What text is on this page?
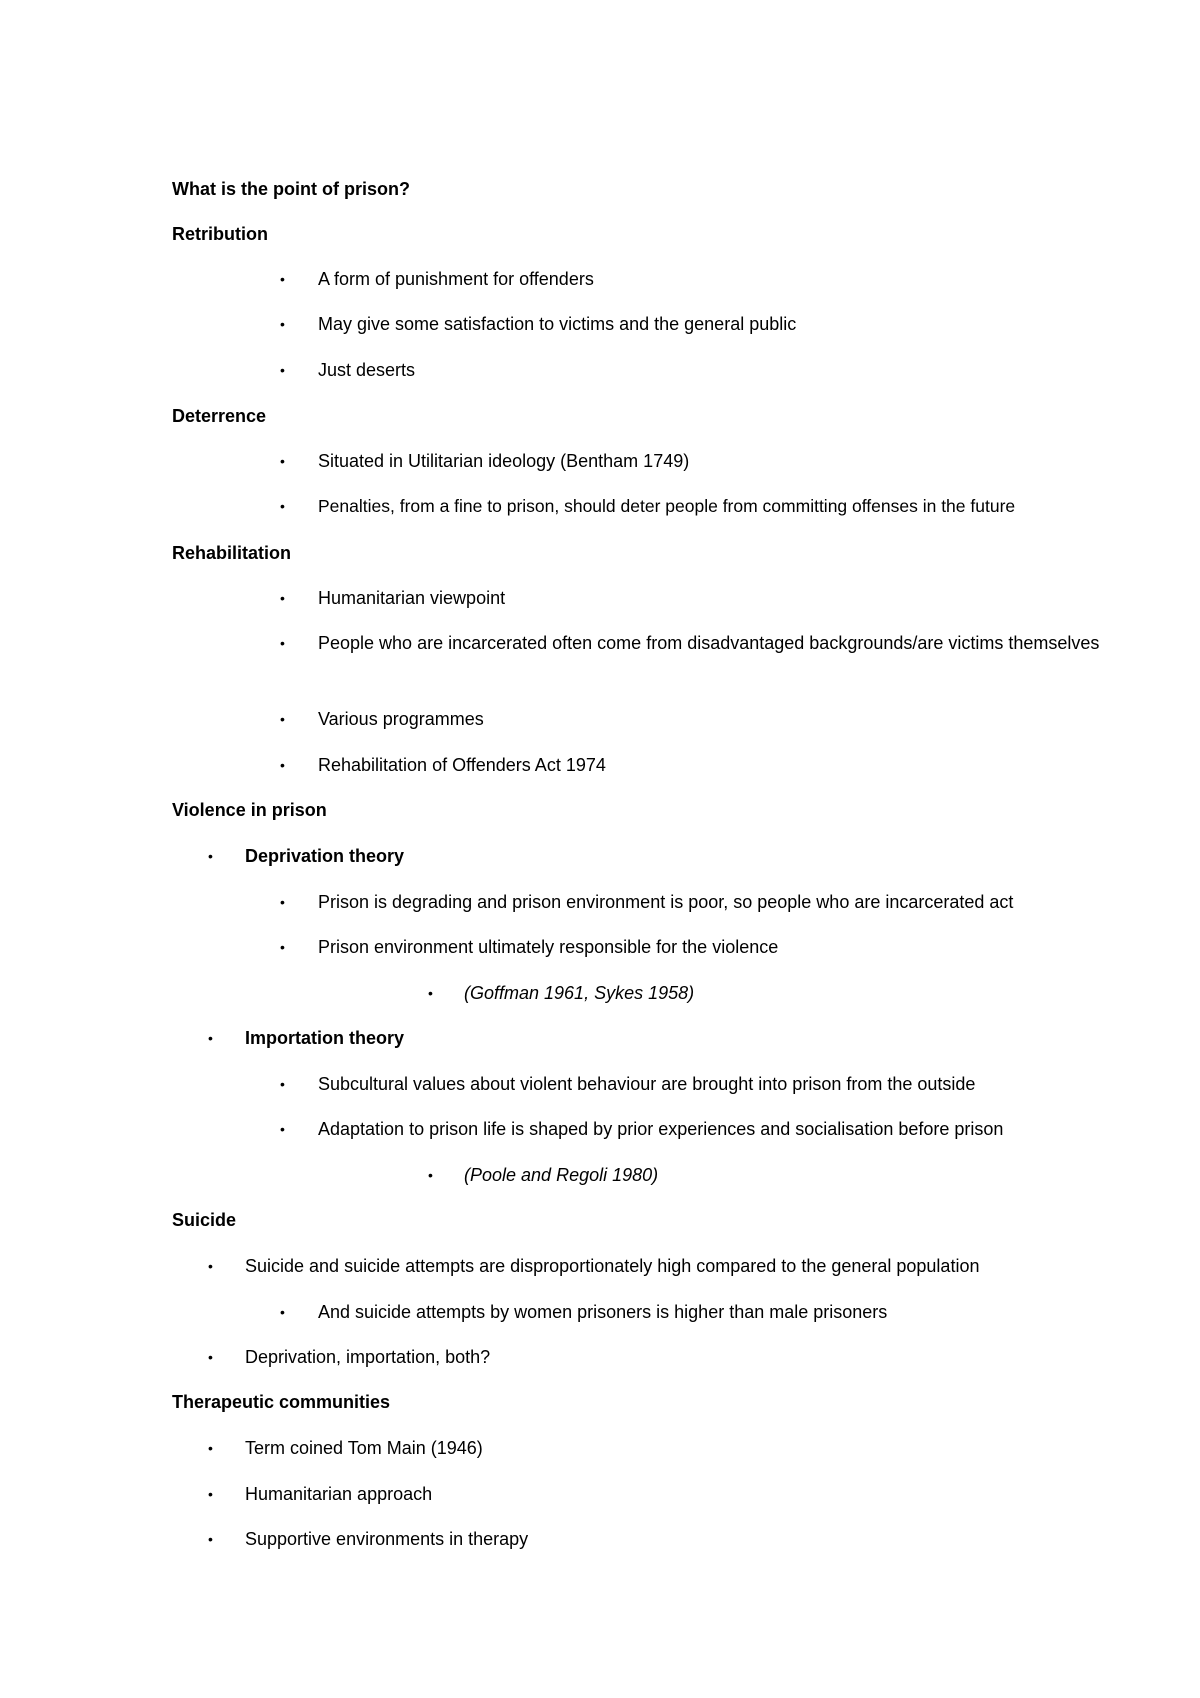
What is the point of prison?
Retribution
•	A form of punishment for offenders
•	May give some satisfaction to victims and the general public
•	Just deserts
Deterrence
•	Situated in Utilitarian ideology (Bentham 1749)
•	Penalties, from a fine to prison, should deter people from committing offenses in the future
Rehabilitation
•	Humanitarian viewpoint
•	People who are incarcerated often come from disadvantaged backgrounds/are victims themselves
•	Various programmes
•	Rehabilitation of Offenders Act 1974
Violence in prison
•	Deprivation theory
•	Prison is degrading and prison environment is poor, so people who are incarcerated act
•	Prison environment ultimately responsible for the violence
•	(Goffman 1961, Sykes 1958)
•	Importation theory
•	Subcultural values about violent behaviour are brought into prison from the outside
•	Adaptation to prison life is shaped by prior experiences and socialisation before prison
•	(Poole and Regoli 1980)
Suicide
•	Suicide and suicide attempts are disproportionately high compared to the general population
•	And suicide attempts by women prisoners is higher than male prisoners
•	Deprivation, importation, both?
Therapeutic communities
•	Term coined Tom Main (1946)
•	Humanitarian approach
•	Supportive environments in therapy
